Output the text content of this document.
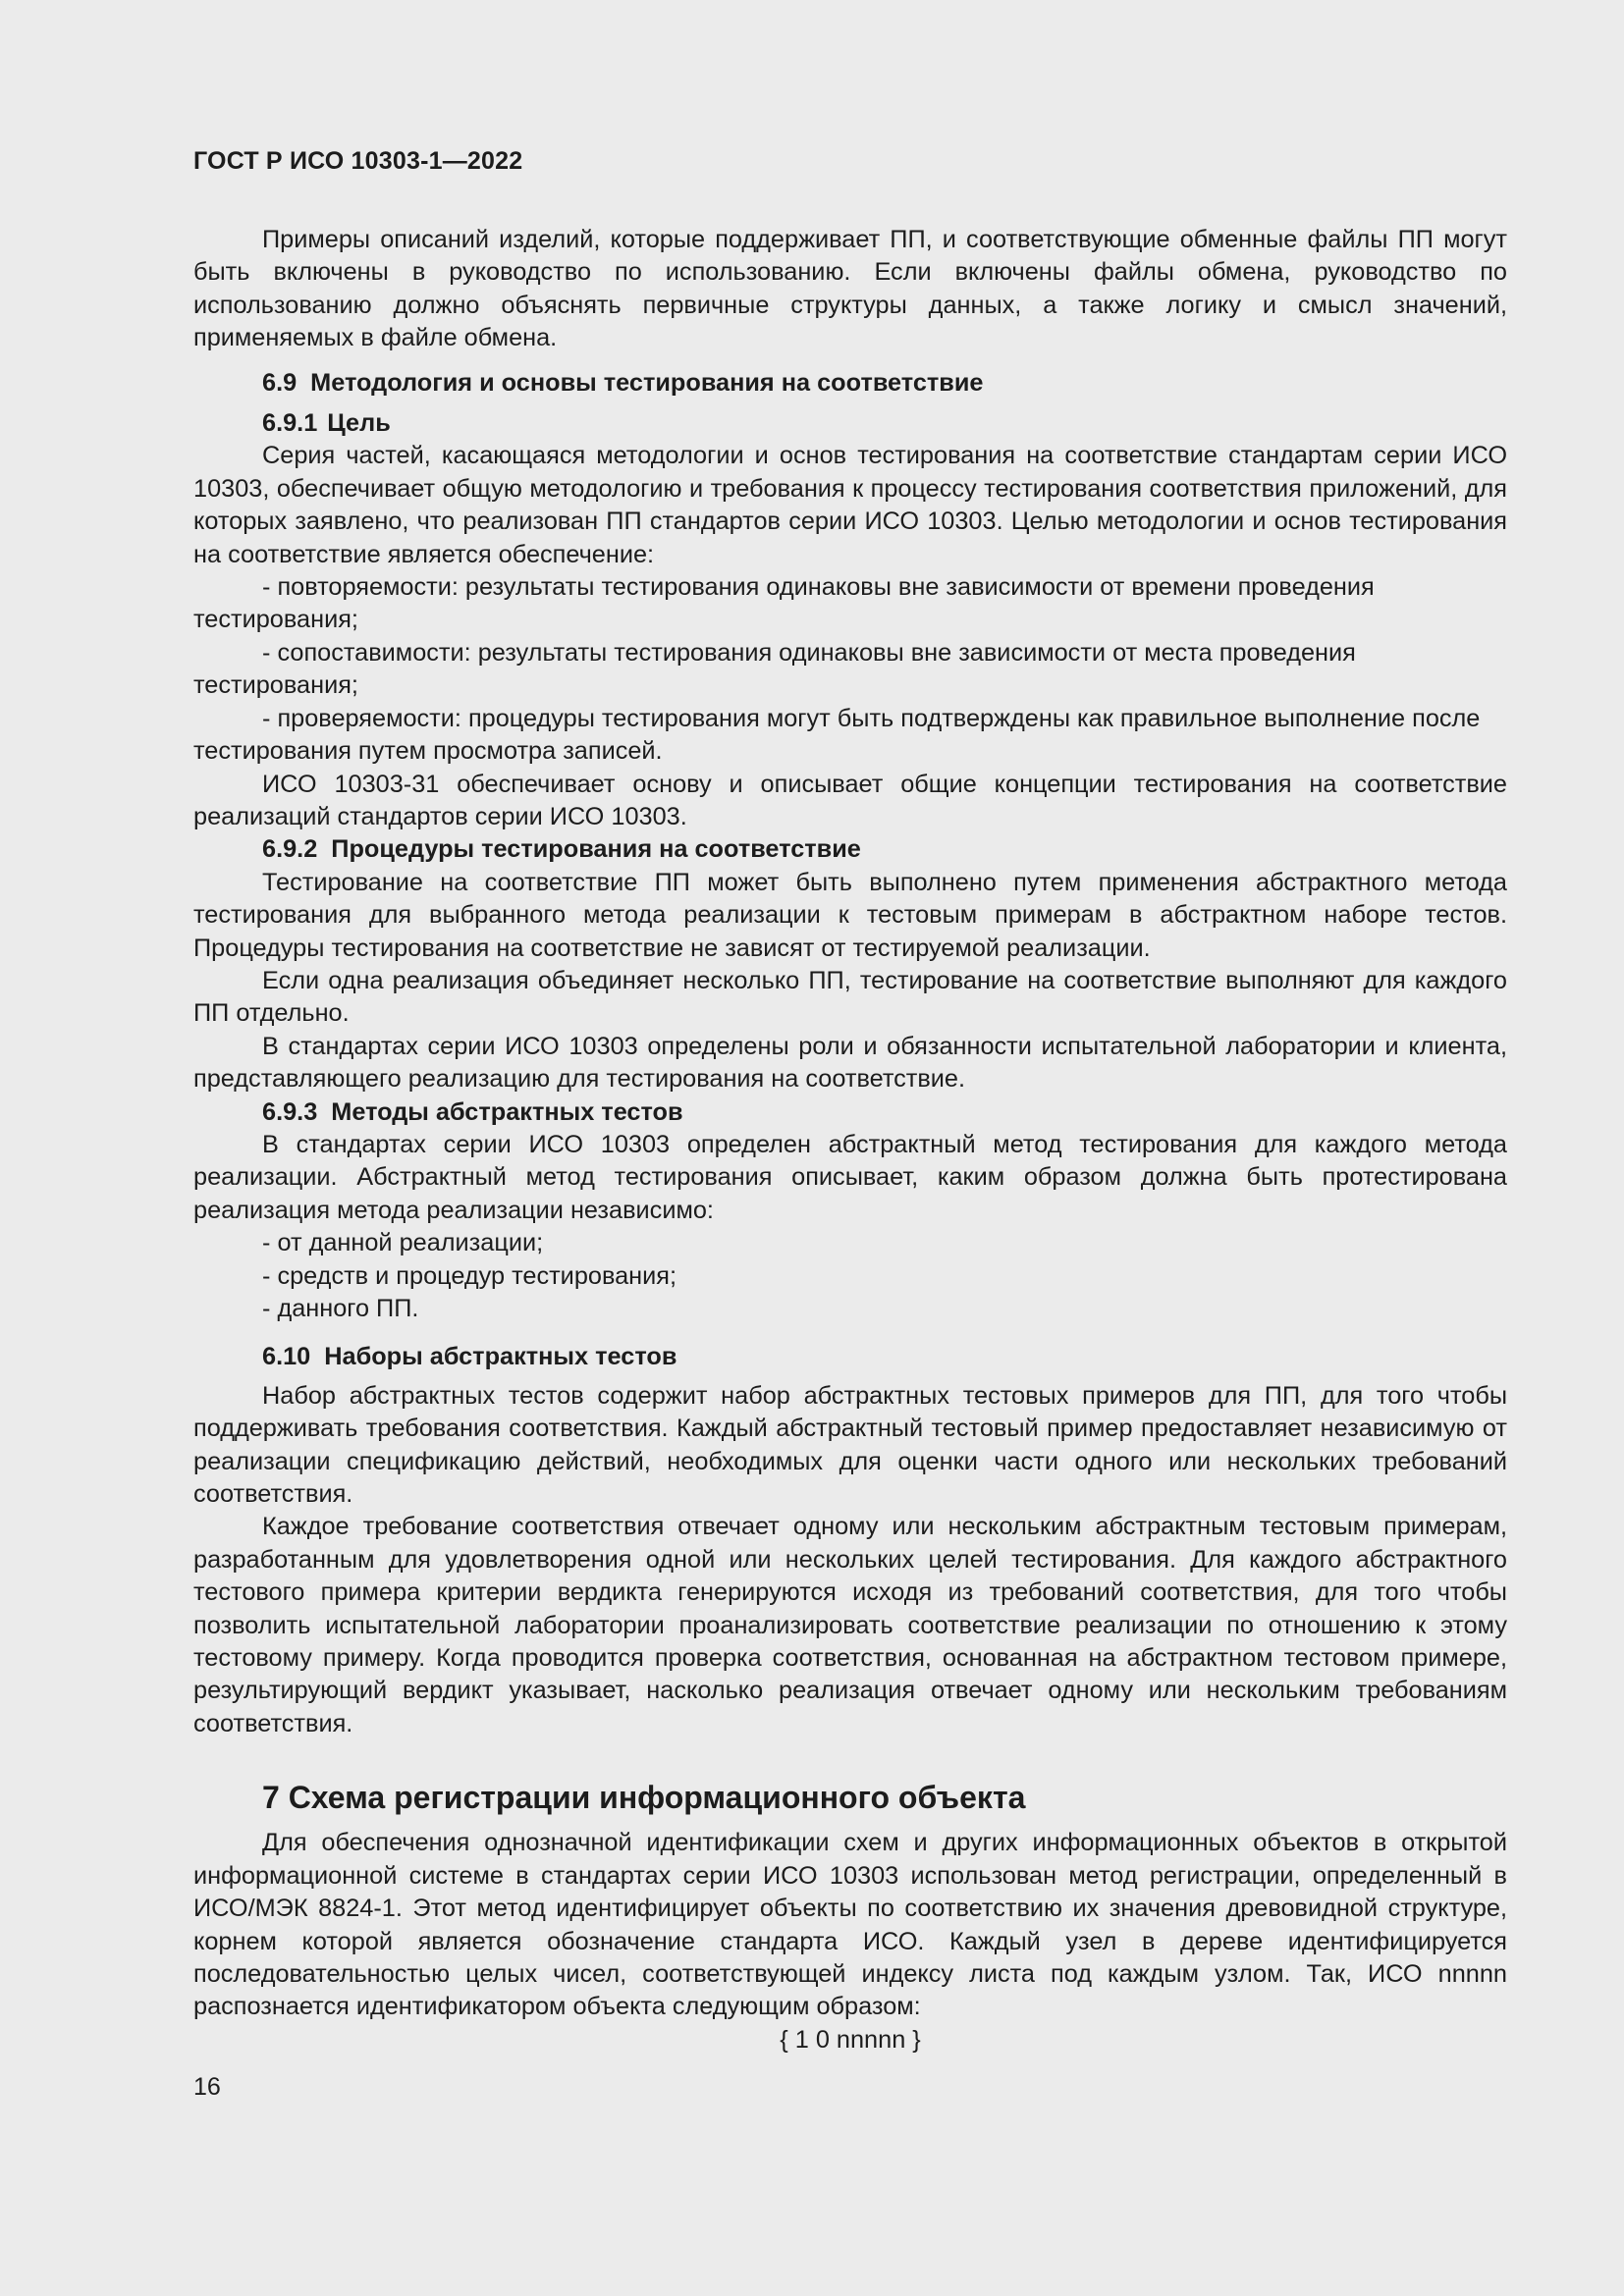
ГОСТ Р ИСО 10303-1—2022

Примеры описаний изделий, которые поддерживает ПП, и соответствующие обменные файлы ПП могут быть включены в руководство по использованию. Если включены файлы обмена, руководство по использованию должно объяснять первичные структуры данных, а также логику и смысл значений, применяемых в файле обмена.

6.9 Методология и основы тестирования на соответствие
6.9.1 Цель

Серия частей, касающаяся методологии и основ тестирования на соответствие стандартам серии ИСО 10303, обеспечивает общую методологию и требования к процессу тестирования соответствия приложений, для которых заявлено, что реализован ПП стандартов серии ИСО 10303. Целью методологии и основ тестирования на соответствие является обеспечение:

- повторяемости: результаты тестирования одинаковы вне зависимости от времени проведения тестирования;

- сопоставимости: результаты тестирования одинаковы вне зависимости от места проведения тестирования;

- проверяемости: процедуры тестирования могут быть подтверждены как правильное выполнение после тестирования путем просмотра записей.

ИСО 10303-31 обеспечивает основу и описывает общие концепции тестирования на соответствие реализаций стандартов серии ИСО 10303.

6.9.2 Процедуры тестирования на соответствие

Тестирование на соответствие ПП может быть выполнено путем применения абстрактного метода тестирования для выбранного метода реализации к тестовым примерам в абстрактном наборе тестов. Процедуры тестирования на соответствие не зависят от тестируемой реализации.

Если одна реализация объединяет несколько ПП, тестирование на соответствие выполняют для каждого ПП отдельно.

В стандартах серии ИСО 10303 определены роли и обязанности испытательной лаборатории и клиента, представляющего реализацию для тестирования на соответствие.

6.9.3 Методы абстрактных тестов

В стандартах серии ИСО 10303 определен абстрактный метод тестирования для каждого метода реализации. Абстрактный метод тестирования описывает, каким образом должна быть протестирована реализация метода реализации независимо:

- от данной реализации;

- средств и процедур тестирования;

- данного ПП.

6.10 Наборы абстрактных тестов

Набор абстрактных тестов содержит набор абстрактных тестовых примеров для ПП, для того чтобы поддерживать требования соответствия. Каждый абстрактный тестовый пример предоставляет независимую от реализации спецификацию действий, необходимых для оценки части одного или нескольких требований соответствия.

Каждое требование соответствия отвечает одному или нескольким абстрактным тестовым примерам, разработанным для удовлетворения одной или нескольких целей тестирования. Для каждого абстрактного тестового примера критерии вердикта генерируются исходя из требований соответствия, для того чтобы позволить испытательной лаборатории проанализировать соответствие реализации по отношению к этому тестовому примеру. Когда проводится проверка соответствия, основанная на абстрактном тестовом примере, результирующий вердикт указывает, насколько реализация отвечает одному или нескольким требованиям соответствия.

7 Схема регистрации информационного объекта

Для обеспечения однозначной идентификации схем и других информационных объектов в открытой информационной системе в стандартах серии ИСО 10303 использован метод регистрации, определенный в ИСО/МЭК 8824-1. Этот метод идентифицирует объекты по соответствию их значения древовидной структуре, корнем которой является обозначение стандарта ИСО. Каждый узел в дереве идентифицируется последовательностью целых чисел, соответствующей индексу листа под каждым узлом. Так, ИСО nnnnn распознается идентификатором объекта следующим образом:

{ 1 0 nnnnn }

16
